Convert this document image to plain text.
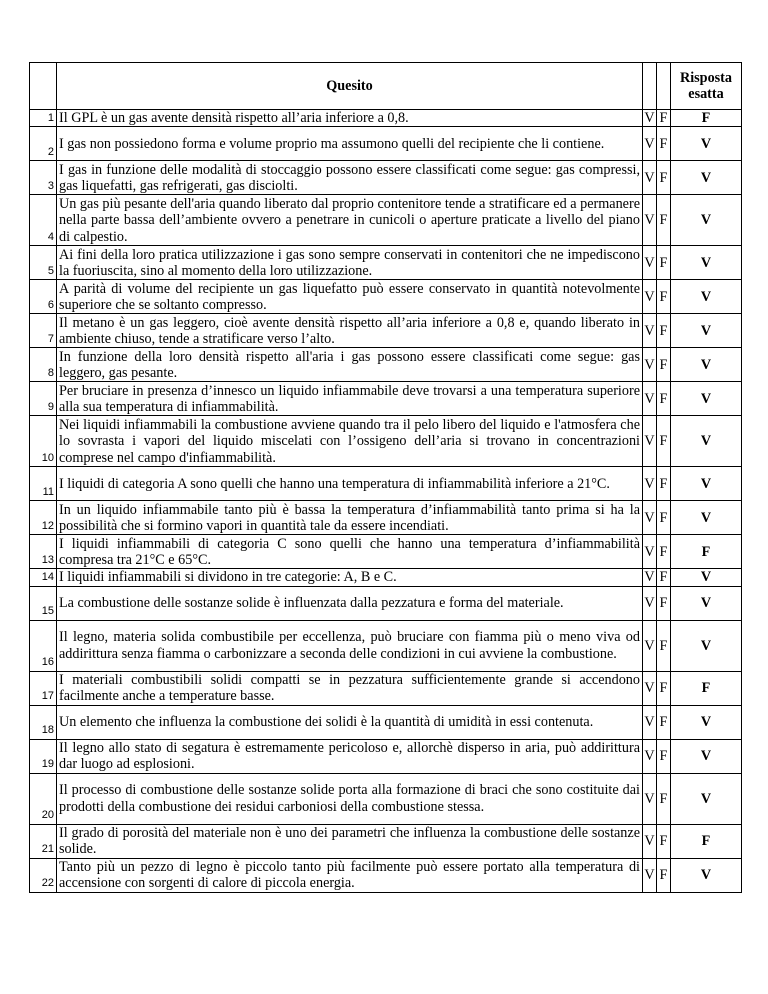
	Quesito			Risposta
esatta
1	Il GPL è un gas avente densità rispetto all’aria inferiore a 0,8.	V	F	F
2	I gas non possiedono forma e volume proprio ma assumono quelli del recipiente che li contiene.	V	F	V
3	I gas in funzione delle modalità di stoccaggio possono essere classificati come segue: gas compressi, gas liquefatti, gas refrigerati, gas disciolti.	V	F	V
4	Un gas più pesante dell'aria quando liberato dal proprio contenitore tende a stratificare ed a permanere nella parte bassa dell’ambiente ovvero a penetrare in cunicoli o aperture praticate a livello del piano di calpestio.	V	F	V
5	Ai fini della loro pratica utilizzazione i gas sono sempre conservati in contenitori che ne impediscono la fuoriuscita, sino al momento della loro utilizzazione.	V	F	V
6	A parità di volume del recipiente un gas liquefatto può essere conservato in quantità notevolmente superiore che se soltanto compresso.	V	F	V
7	Il metano è un gas leggero, cioè avente densità rispetto all’aria inferiore a 0,8 e, quando liberato in ambiente chiuso, tende a stratificare verso l’alto.	V	F	V
8	In funzione della loro densità rispetto all'aria i gas possono essere classificati come segue: gas leggero, gas pesante.	V	F	V
9	Per bruciare in presenza d’innesco un liquido infiammabile deve trovarsi a una temperatura superiore alla sua temperatura di infiammabilità.	V	F	V
10	Nei liquidi infiammabili la combustione avviene quando tra il pelo libero del liquido e l'atmosfera che lo sovrasta i vapori del liquido miscelati con l’ossigeno dell’aria si trovano in concentrazioni comprese nel campo d'infiammabilità.	V	F	V
11	I liquidi di categoria A sono quelli che hanno una temperatura di infiammabilità inferiore a 21°C.	V	F	V
12	In un liquido infiammabile tanto più è bassa la temperatura d’infiammabilità tanto prima si ha la possibilità che si formino vapori in quantità tale da essere incendiati.	V	F	V
13	I liquidi infiammabili di categoria C sono quelli che hanno una temperatura d’infiammabilità compresa tra 21°C e 65°C.	V	F	F
14	I liquidi infiammabili si dividono in tre categorie: A, B e C.	V	F	V
15	La combustione delle sostanze solide è influenzata dalla pezzatura e forma del materiale.	V	F	V
16	Il legno, materia solida combustibile per eccellenza, può bruciare con fiamma più o meno viva od addirittura senza fiamma o carbonizzare a seconda delle condizioni in cui avviene la combustione.	V	F	V
17	I materiali combustibili solidi compatti se in pezzatura sufficientemente grande si accendono facilmente anche a temperature basse.	V	F	F
18	Un elemento che influenza la combustione dei solidi è la quantità di umidità in essi contenuta.	V	F	V
19	Il legno allo stato di segatura è estremamente pericoloso e, allorchè disperso in aria, può addirittura dar luogo ad esplosioni.	V	F	V
20	Il processo di combustione delle sostanze solide porta alla formazione di braci che sono costituite dai prodotti della combustione dei residui carboniosi della combustione stessa.	V	F	V
21	Il grado di porosità del materiale non è uno dei parametri che influenza la combustione delle sostanze solide.	V	F	F
22	Tanto più un pezzo di legno è piccolo tanto più facilmente può essere portato alla temperatura di accensione con sorgenti di calore di piccola energia.	V	F	V
